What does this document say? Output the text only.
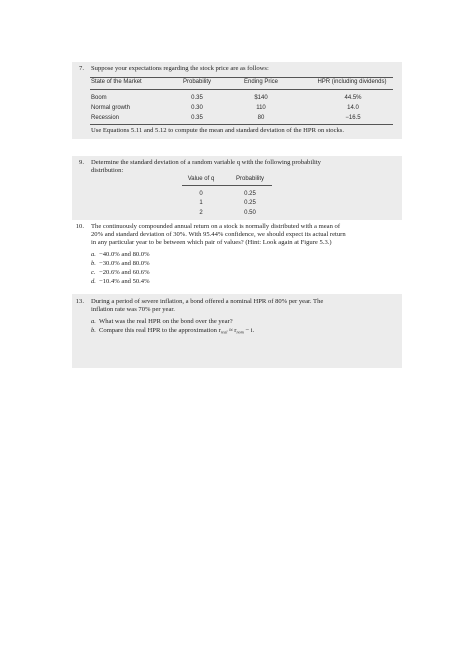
7. Suppose your expectations regarding the stock price are as follows:
State of the Market	Probability	Ending Price	HPR (including dividends)
Boom	0.35	$140	44.5%
Normal growth	0.30	110	14.0
Recession	0.35	80	−16.5
Use Equations 5.11 and 5.12 to compute the mean and standard deviation of the HPR on stocks.
9. Determine the standard deviation of a random variable q with the following probability
distribution:
Value of q	Probability
0	0.25
1	0.25
2	0.50
10. The continuously compounded annual return on a stock is normally distributed with a mean of
20% and standard deviation of 30%. With 95.44% confidence, we should expect its actual return
in any particular year to be between which pair of values? (Hint: Look again at Figure 5.3.)
a. −40.0% and 80.0%
b. −30.0% and 80.0%
c. −20.6% and 60.6%
d. −10.4% and 50.4%
13. During a period of severe inflation, a bond offered a nominal HPR of 80% per year. The
inflation rate was 70% per year.
a. What was the real HPR on the bond over the year?
b. Compare this real HPR to the approximation $r_{real} \approx r_{nom} - i$.
